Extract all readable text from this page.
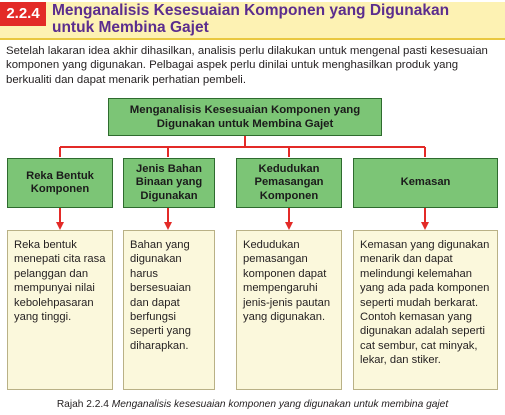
2.2.4 Menganalisis Kesesuaian Komponen yang Digunakan untuk Membina Gajet

Setelah lakaran idea akhir dihasilkan, analisis perlu dilakukan untuk mengenal pasti kesesuaian komponen yang digunakan. Pelbagai aspek perlu dinilai untuk menghasilkan produk yang berkualiti dan dapat menarik perhatian pembeli.

Menganalisis Kesesuaian Komponen yang Digunakan untuk Membina Gajet
Reka Bentuk Komponen
Jenis Bahan Binaan yang Digunakan
Kedudukan Pemasangan Komponen
Kemasan
Reka bentuk menepati cita rasa pelanggan dan mempunyai nilai kebolehpasaran yang tinggi.
Bahan yang digunakan harus bersesuaian dan dapat berfungsi seperti yang diharapkan.
Kedudukan pemasangan komponen dapat mempengaruhi jenis-jenis pautan yang digunakan.
Kemasan yang digunakan menarik dan dapat melindungi kelemahan yang ada pada komponen seperti mudah berkarat. Contoh kemasan yang digunakan adalah seperti cat sembur, cat minyak, lekar, dan stiker.
Rajah 2.2.4 Menganalisis kesesuaian komponen yang digunakan untuk membina gajet
